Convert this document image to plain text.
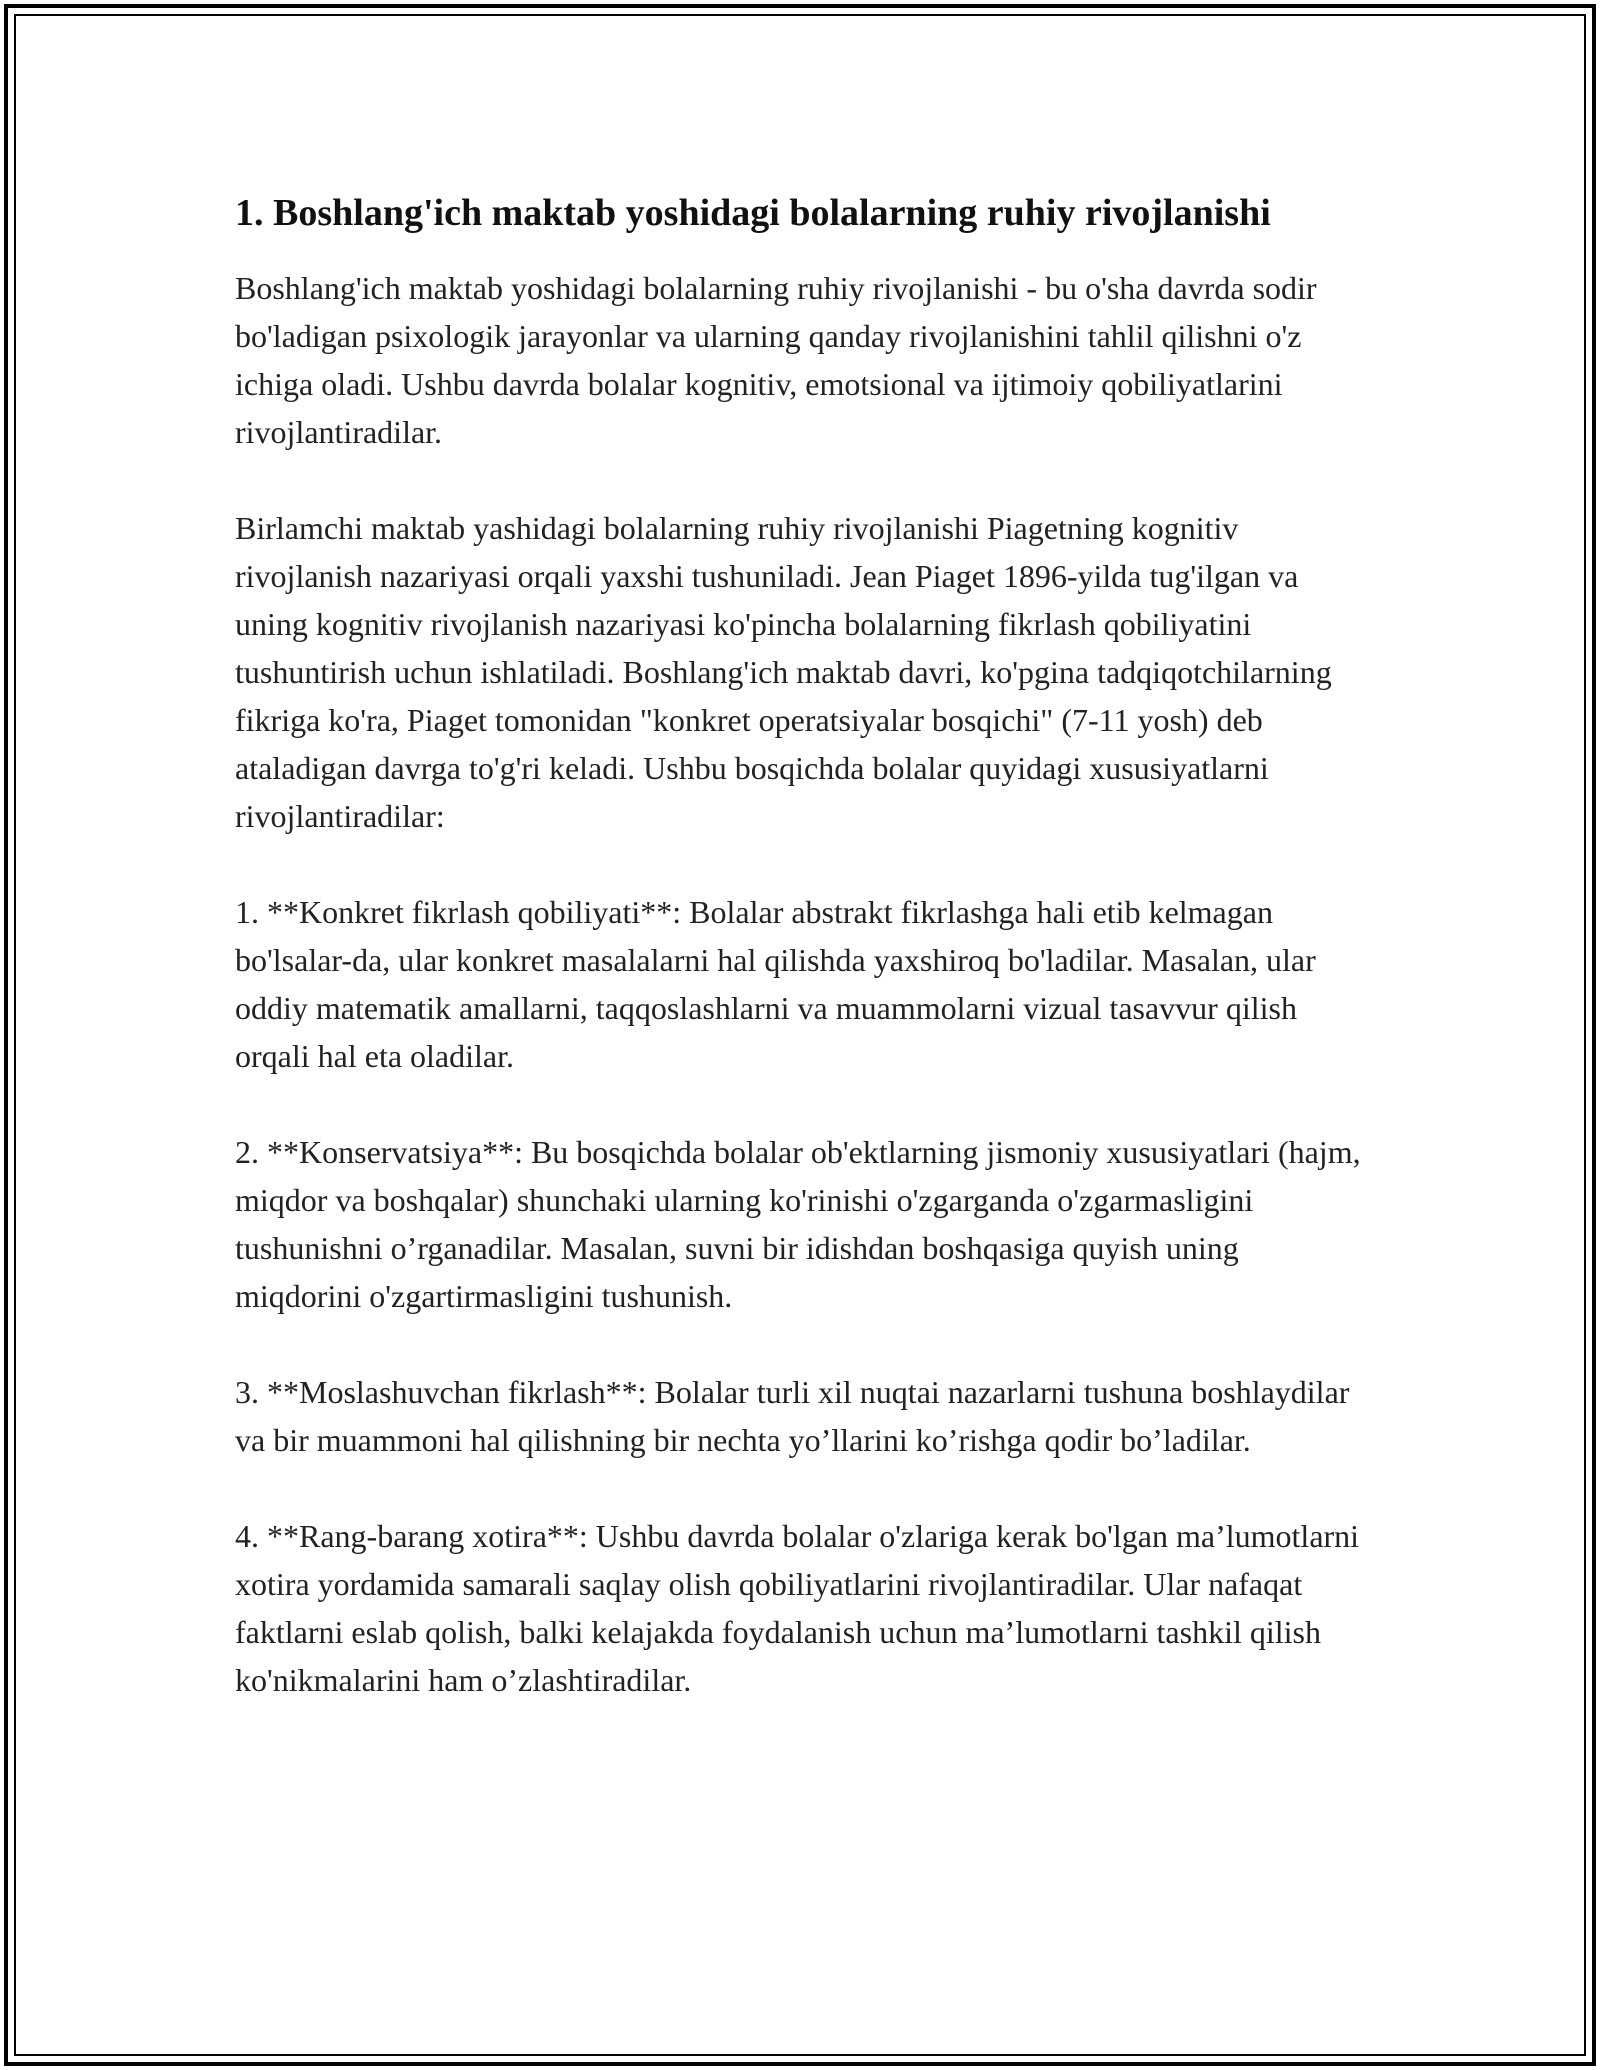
1. Boshlang'ich maktab yoshidagi bolalarning ruhiy rivojlanishi

Boshlang'ich maktab yoshidagi bolalarning ruhiy rivojlanishi - bu o'sha davrda sodir bo'ladigan psixologik jarayonlar va ularning qanday rivojlanishini tahlil qilishni o'z ichiga oladi. Ushbu davrda bolalar kognitiv, emotsional va ijtimoiy qobiliyatlarini rivojlantiradilar.

Birlamchi maktab yashidagi bolalarning ruhiy rivojlanishi Piagetning kognitiv rivojlanish nazariyasi orqali yaxshi tushuniladi. Jean Piaget 1896-yilda tug'ilgan va uning kognitiv rivojlanish nazariyasi ko'pincha bolalarning fikrlash qobiliyatini tushuntirish uchun ishlatiladi. Boshlang'ich maktab davri, ko'pgina tadqiqotchilarning fikriga ko'ra, Piaget tomonidan "konkret operatsiyalar bosqichi" (7-11 yosh) deb ataladigan davrga to'g'ri keladi. Ushbu bosqichda bolalar quyidagi xususiyatlarni rivojlantiradilar:

1. **Konkret fikrlash qobiliyati**: Bolalar abstrakt fikrlashga hali etib kelmagan bo'lsalar-da, ular konkret masalalarni hal qilishda yaxshiroq bo'ladilar. Masalan, ular oddiy matematik amallarni, taqqoslashlarni va muammolarni vizual tasavvur qilish orqali hal eta oladilar.

2. **Konservatsiya**: Bu bosqichda bolalar ob'ektlarning jismoniy xususiyatlari (hajm, miqdor va boshqalar) shunchaki ularning ko'rinishi o'zgarganda o'zgarmasligini tushunishni o’rganadilar. Masalan, suvni bir idishdan boshqasiga quyish uning miqdorini o'zgartirmasligini tushunish.

3. **Moslashuvchan fikrlash**: Bolalar turli xil nuqtai nazarlarni tushuna boshlaydilar va bir muammoni hal qilishning bir nechta yo’llarini ko’rishga qodir bo’ladilar.

4. **Rang-barang xotira**: Ushbu davrda bolalar o'zlariga kerak bo'lgan ma’lumotlarni xotira yordamida samarali saqlay olish qobiliyatlarini rivojlantiradilar. Ular nafaqat faktlarni eslab qolish, balki kelajakda foydalanish uchun ma’lumotlarni tashkil qilish ko'nikmalarini ham o’zlashtiradilar.
